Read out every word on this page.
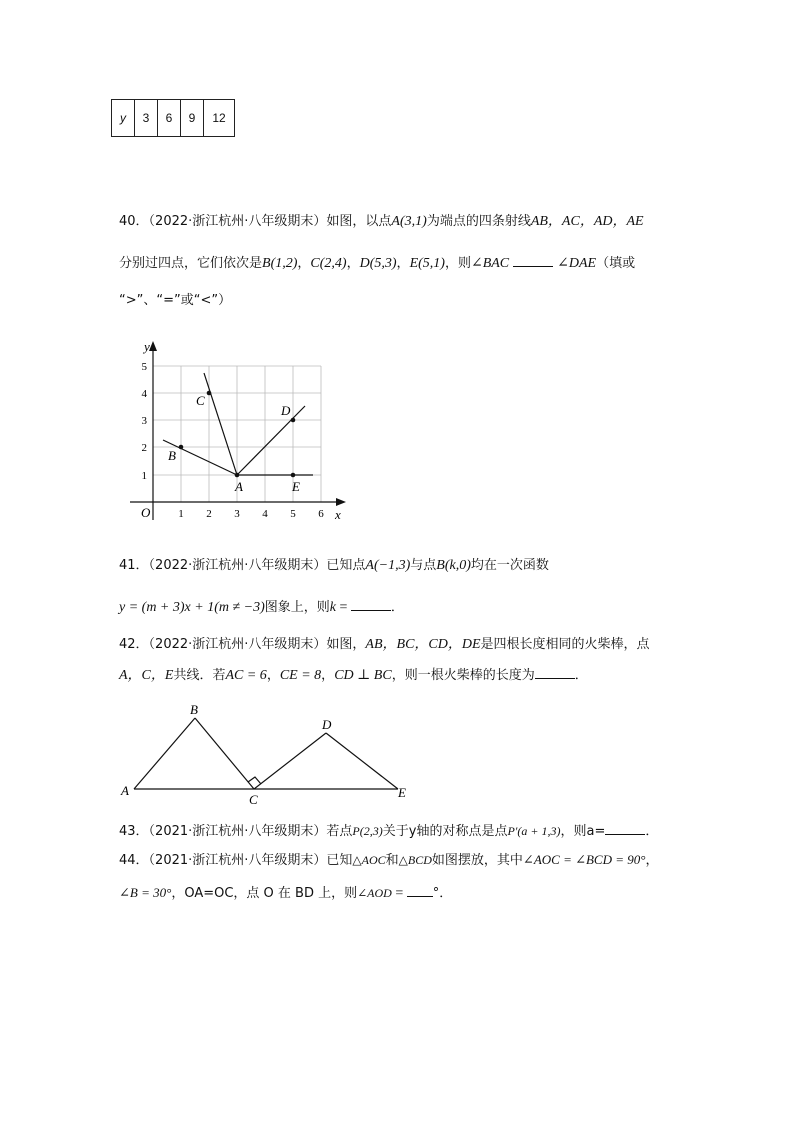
y	3	6	9	12
40．（2022·浙江杭州·八年级期末）如图，以点A(3,1)为端点的四条射线AB，AC，AD，AE
分别过四点，它们依次是B(1,2)，C(2,4)，D(5,3)，E(5,1)，则∠BAC	∠DAE（填或
“>”、“=”或“<”）
y
x
O	1 2 3 4 5 6
1
2
3
4
5
A
B
C
D
E
41．（2022·浙江杭州·八年级期末）已知点A(−1,3)与点B(k,0)均在一次函数
y = (m + 3)x + 1(m ≠ −3)图象上，则k =	．
42．（2022·浙江杭州·八年级期末）如图，AB，BC，CD，DE是四根长度相同的火柴棒，点
A，C，E共线．若AC = 6，CE = 8，CD ⊥ BC，则一根火柴棒的长度为	．
A
B
C
D
E
43．（2021·浙江杭州·八年级期末）若点P(2,3)关于y轴的对称点是点P′(a + 1,3)，则a=	．
44．（2021·浙江杭州·八年级期末）已知△AOC和△BCD如图摆放，其中∠AOC = ∠BCD = 90°，
∠B = 30°，OA=OC，点 O 在 BD 上，则∠AOD = °．
